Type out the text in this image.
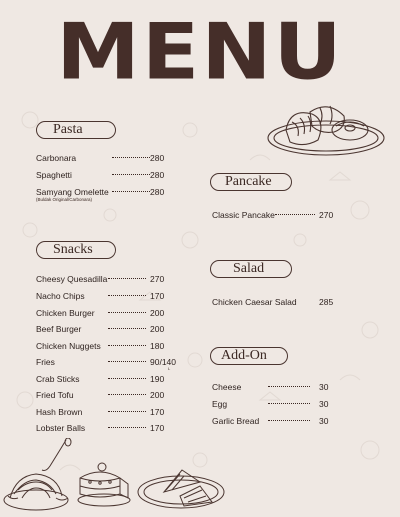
MENU
Pasta
Carbonara	280
Spaghetti	280
Samyang Omelette	280
(Buldak Original/Carbonara)
Snacks
Cheesy Quesadilla	270
Nacho Chips	170
Chicken Burger	200
Beef Burger	200
Chicken Nuggets	180
Fries	90/140
L
Crab Sticks	190
Fried Tofu	200
Hash Brown	170
Lobster Balls	170
Pancake
Classic Pancake	270
Salad
Chicken Caesar Salad	285
Add-On
Cheese	30
Egg	30
Garlic Bread	30
